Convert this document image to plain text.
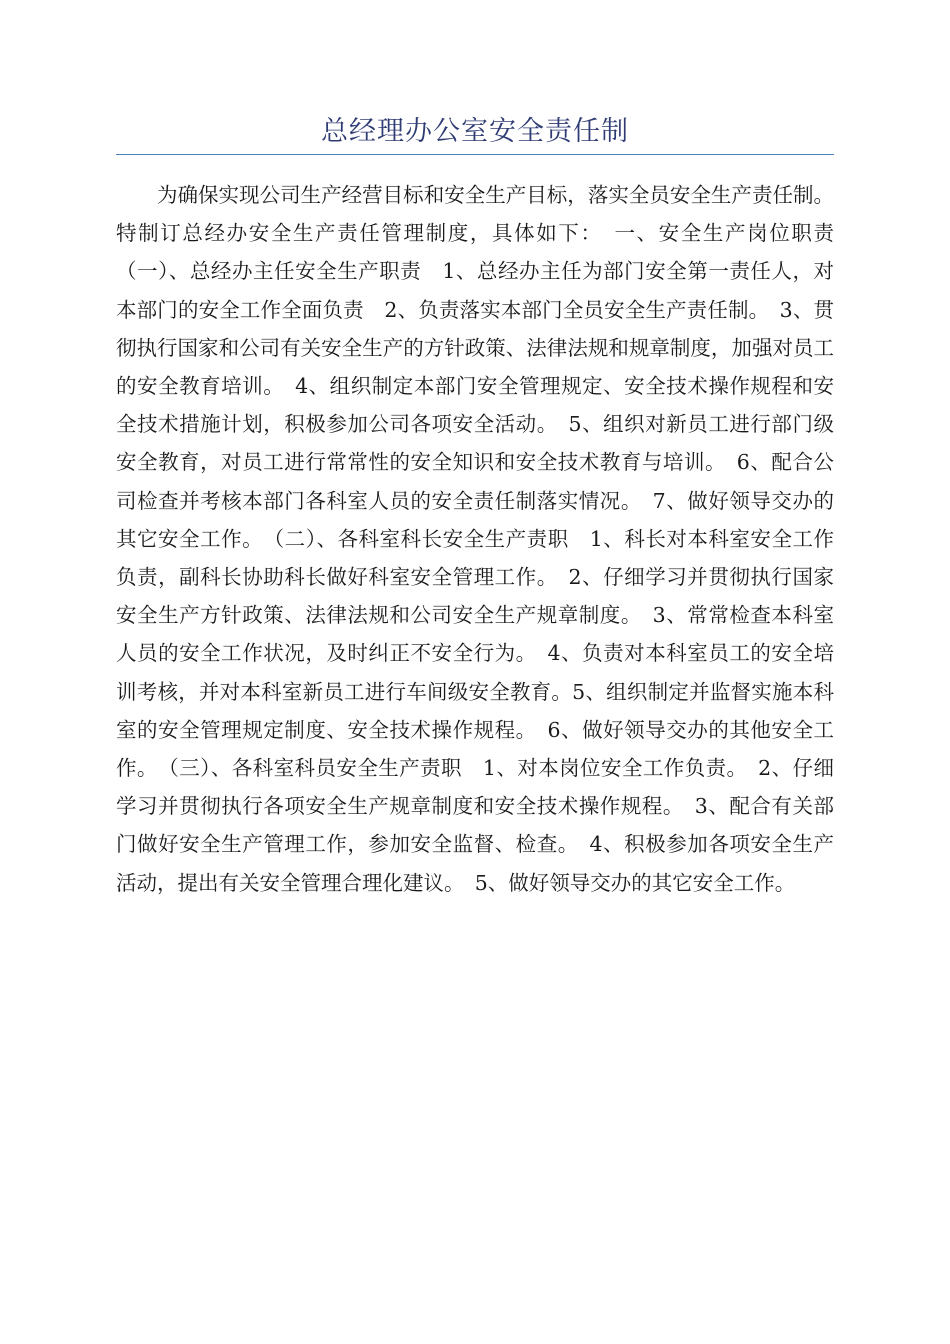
总经理办公室安全责任制

为确保实现公司生产经营目标和安全生产目标，落实全员安全生产责任制。特制订总经办安全生产责任管理制度，具体如下：　一、安全生产岗位职责　（一）、总经办主任安全生产职责　1、总经办主任为部门安全第一责任人，对本部门的安全工作全面负责　2、负责落实本部门全员安全生产责任制。　3、贯彻执行国家和公司有关安全生产的方针政策、法律法规和规章制度，加强对员工的安全教育培训。　4、组织制定本部门安全管理规定、安全技术操作规程和安全技术措施计划，积极参加公司各项安全活动。　5、组织对新员工进行部门级安全教育，对员工进行常常性的安全知识和安全技术教育与培训。　6、配合公司检查并考核本部门各科室人员的安全责任制落实情况。　7、做好领导交办的其它安全工作。　（二）、各科室科长安全生产责职　1、科长对本科室安全工作负责，副科长协助科长做好科室安全管理工作。　2、仔细学习并贯彻执行国家安全生产方针政策、法律法规和公司安全生产规章制度。　3、常常检查本科室人员的安全工作状况，及时纠正不安全行为。　4、负责对本科室员工的安全培训考核，并对本科室新员工进行车间级安全教育。5、组织制定并监督实施本科室的安全管理规定制度、安全技术操作规程。　6、做好领导交办的其他安全工作。　（三）、各科室科员安全生产责职　1、对本岗位安全工作负责。　2、仔细学习并贯彻执行各项安全生产规章制度和安全技术操作规程。　3、配合有关部门做好安全生产管理工作，参加安全监督、检查。　4、积极参加各项安全生产活动，提出有关安全管理合理化建议。　5、做好领导交办的其它安全工作。
